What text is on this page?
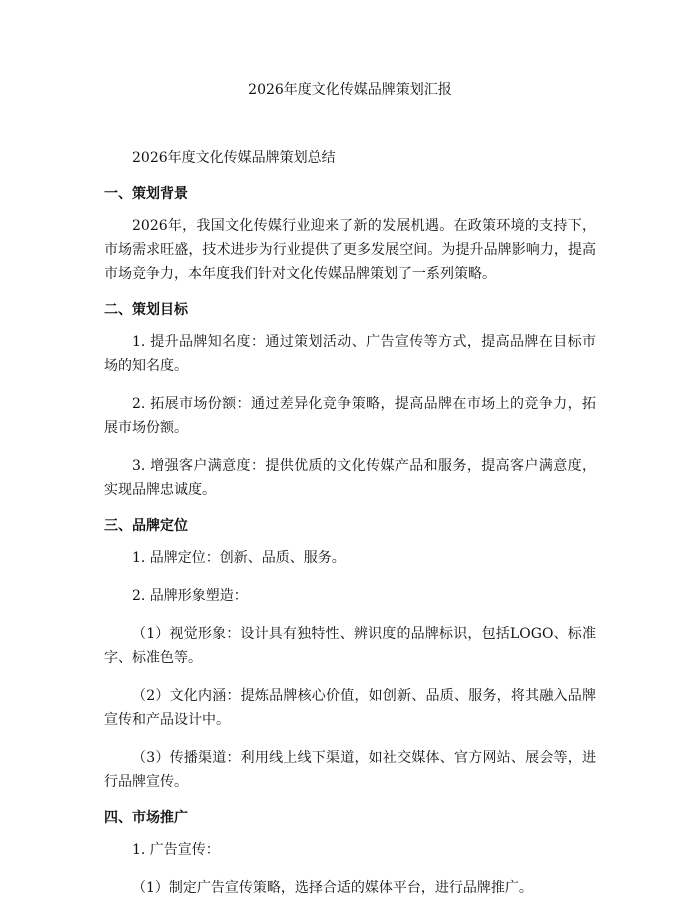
2026年度文化传媒品牌策划汇报

2026年度文化传媒品牌策划总结

一、策划背景

2026年，我国文化传媒行业迎来了新的发展机遇。在政策环境的支持下，市场需求旺盛，技术进步为行业提供了更多发展空间。为提升品牌影响力，提高市场竞争力，本年度我们针对文化传媒品牌策划了一系列策略。

二、策划目标

1. 提升品牌知名度：通过策划活动、广告宣传等方式，提高品牌在目标市场的知名度。

2. 拓展市场份额：通过差异化竞争策略，提高品牌在市场上的竞争力，拓展市场份额。

3. 增强客户满意度：提供优质的文化传媒产品和服务，提高客户满意度，实现品牌忠诚度。

三、品牌定位

1. 品牌定位：创新、品质、服务。

2. 品牌形象塑造：

（1）视觉形象：设计具有独特性、辨识度的品牌标识，包括LOGO、标准字、标准色等。

（2）文化内涵：提炼品牌核心价值，如创新、品质、服务，将其融入品牌宣传和产品设计中。

（3）传播渠道：利用线上线下渠道，如社交媒体、官方网站、展会等，进行品牌宣传。

四、市场推广

1. 广告宣传：

（1）制定广告宣传策略，选择合适的媒体平台，进行品牌推广。
